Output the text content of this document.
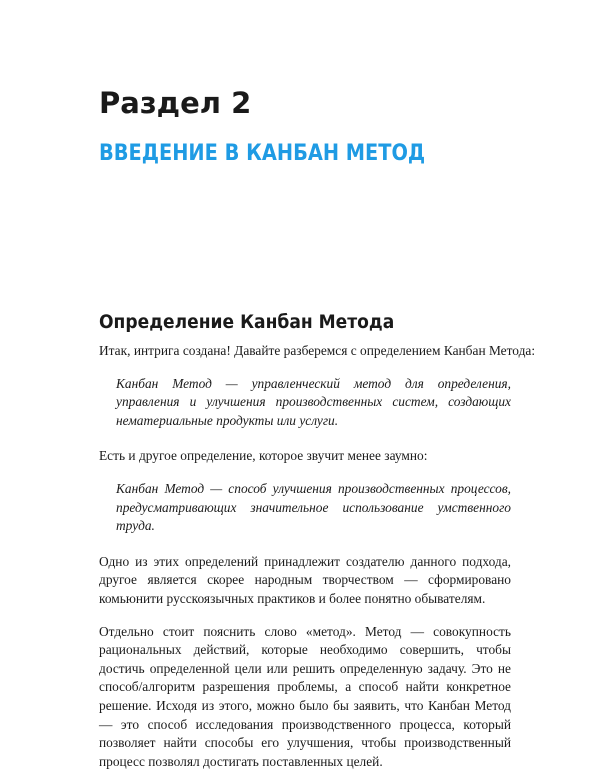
Раздел 2
ВВЕДЕНИЕ В КАНБАН МЕТОД
Определение Канбан Метода

Итак, интрига создана! Давайте разберемся с определением Канбан Метода:

Канбан Метод — управленческий метод для определения, управления и улучшения производственных систем, создающих нематериальные продукты или услуги.

Есть и другое определение, которое звучит менее заумно:

Канбан Метод — способ улучшения производственных процессов, предусматривающих значительное использование умственного труда.

Одно из этих определений принадлежит создателю данного подхода, другое является скорее народным творчеством — сформировано комьюнити русскоязычных практиков и более понятно обывателям.

Отдельно стоит пояснить слово «метод». Метод — совокупность рациональных действий, которые необходимо совершить, чтобы достичь определенной цели или решить определенную задачу. Это не способ/алгоритм разрешения проблемы, а способ найти конкретное решение. Исходя из этого, можно было бы заявить, что Канбан Метод — это способ исследования производственного процесса, который позволяет найти способы его улучшения, чтобы производственный процесс позволял достигать поставленных целей.
